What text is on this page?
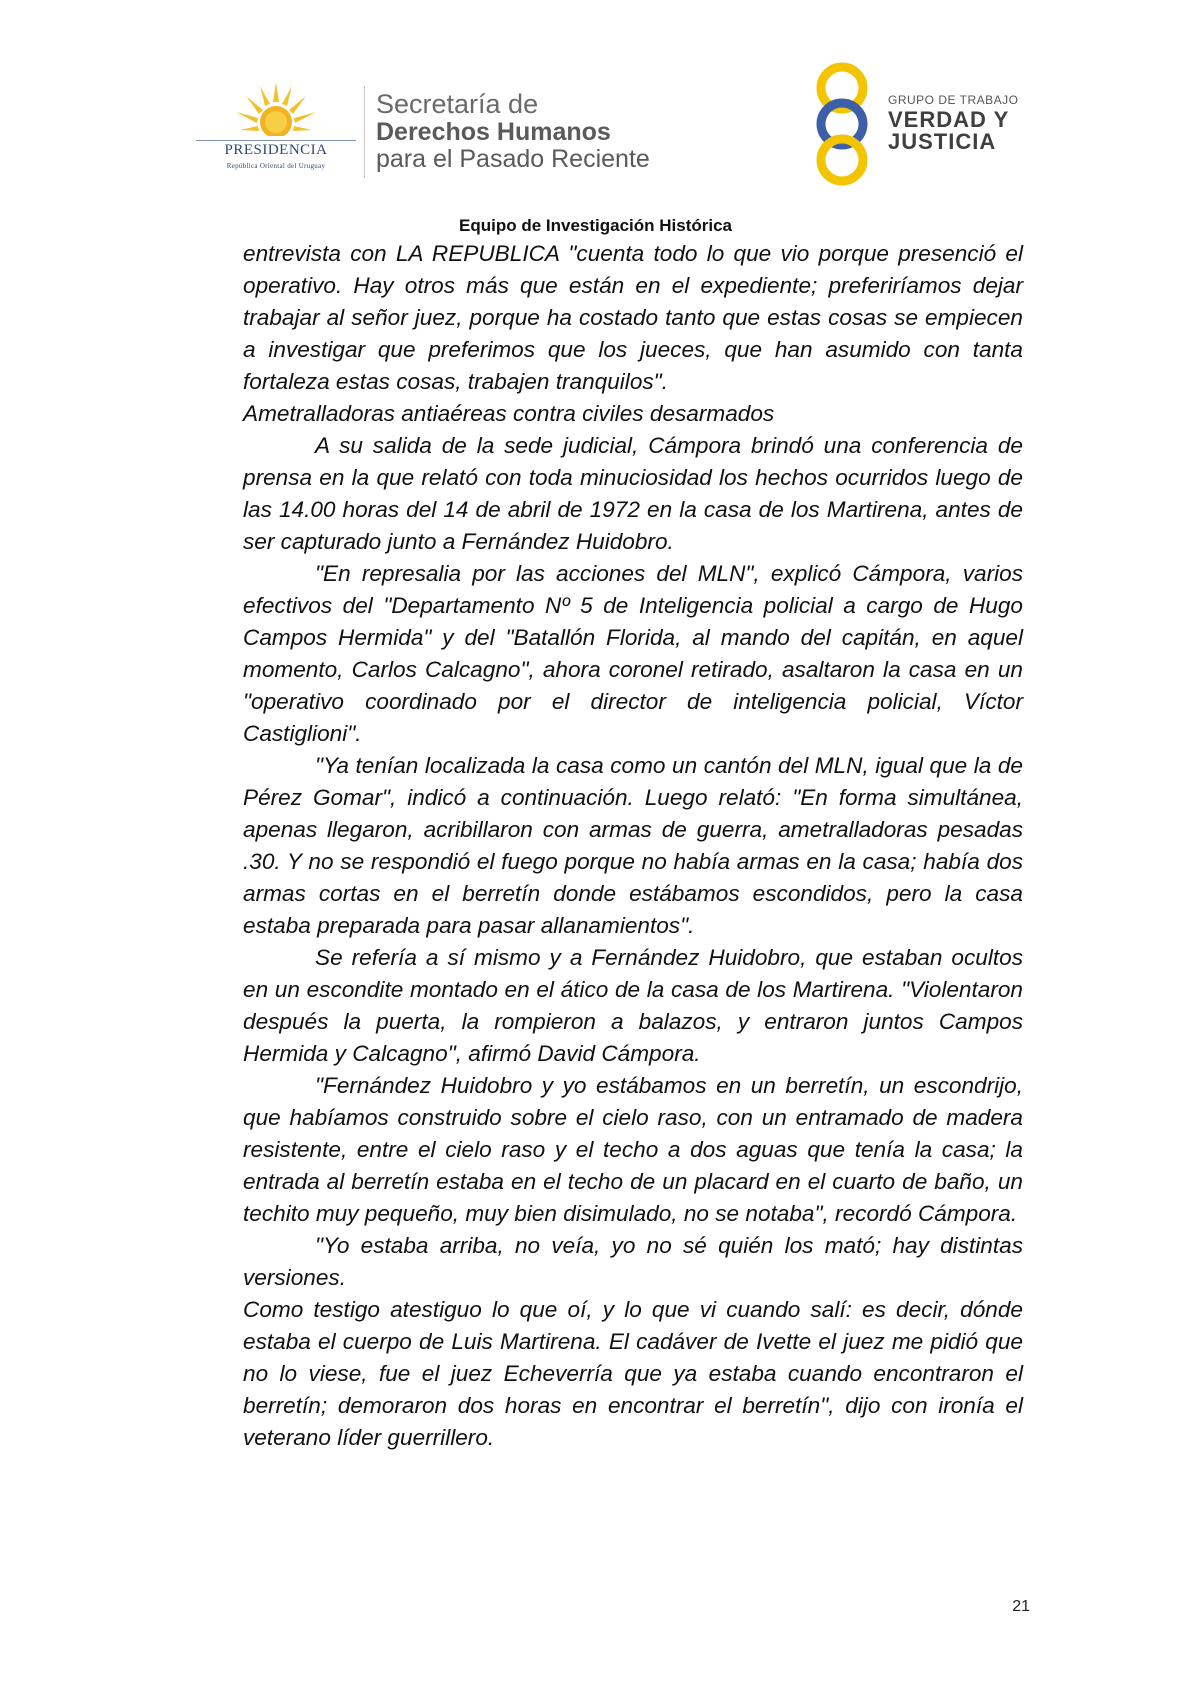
PRESIDENCIA
República Oriental del Uruguay
Secretaría de
Derechos Humanos
para el Pasado Reciente
GRUPO DE TRABAJO
VERDAD Y
JUSTICIA
Equipo de Investigación Histórica

entrevista con LA REPUBLICA "cuenta todo lo que vio porque presenció el operativo. Hay otros más que están en el expediente; preferiríamos dejar trabajar al señor juez, porque ha costado tanto que estas cosas se empiecen a investigar que preferimos que los jueces, que han asumido con tanta fortaleza estas cosas, trabajen tranquilos".

Ametralladoras antiaéreas contra civiles desarmados

A su salida de la sede judicial, Cámpora brindó una conferencia de prensa en la que relató con toda minuciosidad los hechos ocurridos luego de las 14.00 horas del 14 de abril de 1972 en la casa de los Martirena, antes de ser capturado junto a Fernández Huidobro.

"En represalia por las acciones del MLN", explicó Cámpora, varios efectivos del "Departamento Nº 5 de Inteligencia policial a cargo de Hugo Campos Hermida" y del "Batallón Florida, al mando del capitán, en aquel momento, Carlos Calcagno", ahora coronel retirado, asaltaron la casa en un "operativo coordinado por el director de inteligencia policial, Víctor Castiglioni".

"Ya tenían localizada la casa como un cantón del MLN, igual que la de Pérez Gomar", indicó a continuación. Luego relató: "En forma simultánea, apenas llegaron, acribillaron con armas de guerra, ametralladoras pesadas .30. Y no se respondió el fuego porque no había armas en la casa; había dos armas cortas en el berretín donde estábamos escondidos, pero la casa estaba preparada para pasar allanamientos".

Se refería a sí mismo y a Fernández Huidobro, que estaban ocultos en un escondite montado en el ático de la casa de los Martirena. "Violentaron después la puerta, la rompieron a balazos, y entraron juntos Campos Hermida y Calcagno", afirmó David Cámpora.

"Fernández Huidobro y yo estábamos en un berretín, un escondrijo, que habíamos construido sobre el cielo raso, con un entramado de madera resistente, entre el cielo raso y el techo a dos aguas que tenía la casa; la entrada al berretín estaba en el techo de un placard en el cuarto de baño, un techito muy pequeño, muy bien disimulado, no se notaba", recordó Cámpora.

"Yo estaba arriba, no veía, yo no sé quién los mató; hay distintas versiones.

Como testigo atestiguo lo que oí, y lo que vi cuando salí: es decir, dónde estaba el cuerpo de Luis Martirena. El cadáver de Ivette el juez me pidió que no lo viese, fue el juez Echeverría que ya estaba cuando encontraron el berretín; demoraron dos horas en encontrar el berretín", dijo con ironía el veterano líder guerrillero.

21
